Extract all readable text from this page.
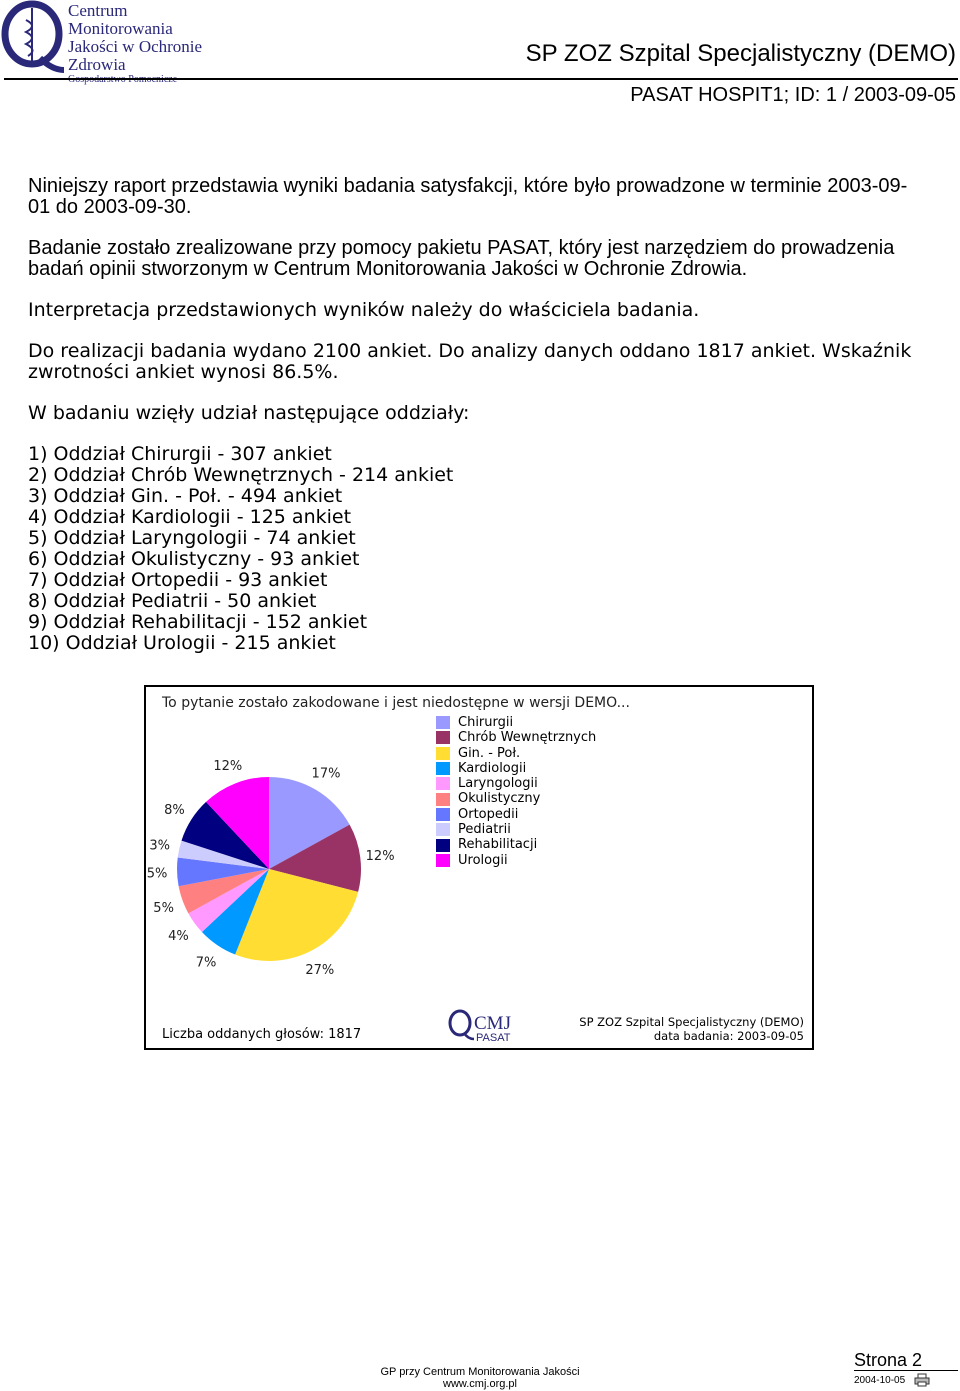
Centrum
Monitorowania
Jakości w Ochronie Zdrowia
Gospodarstwo Pomocnicze
SP ZOZ Szpital Specjalistyczny (DEMO)
PASAT HOSPIT1; ID: 1 / 2003-09-05

Niniejszy raport przedstawia wyniki badania satysfakcji, które było prowadzone w terminie 2003-09-01 do 2003-09-30.

Badanie zostało zrealizowane przy pomocy pakietu PASAT, który jest narzędziem do prowadzenia badań opinii stworzonym w Centrum Monitorowania Jakości w Ochronie Zdrowia.

Interpretacja przedstawionych wyników należy do właściciela badania.

Do realizacji badania wydano 2100 ankiet. Do analizy danych oddano 1817 ankiet. Wskaźnik zwrotności ankiet wynosi 86.5%.

W badaniu wzięły udział następujące oddziały:

1) Oddział Chirurgii - 307 ankiet
2) Oddział Chrób Wewnętrznych - 214 ankiet
3) Oddział Gin. - Poł. - 494 ankiet
4) Oddział Kardiologii - 125 ankiet
5) Oddział Laryngologii - 74 ankiet
6) Oddział Okulistyczny - 93 ankiet
7) Oddział Ortopedii - 93 ankiet
8) Oddział Pediatrii - 50 ankiet
9) Oddział Rehabilitacji - 152 ankiet
10) Oddział Urologii - 215 ankiet
17%
12%
27%
7%
4%
5%
5%
3%
8%
12%
To pytanie zostało zakodowane i jest niedostępne w wersji DEMO...
Chirurgii
Chrób Wewnętrznych
Gin. - Poł.
Kardiologii
Laryngologii
Okulistyczny
Ortopedii
Pediatrii
Rehabilitacji
Urologii
Liczba oddanych głosów: 1817
CMJ
PASAT
SP ZOZ Szpital Specjalistyczny (DEMO)
data badania: 2003-09-05
GP przy Centrum Monitorowania Jakości
www.cmj.org.pl
Strona 2
2004-10-05
